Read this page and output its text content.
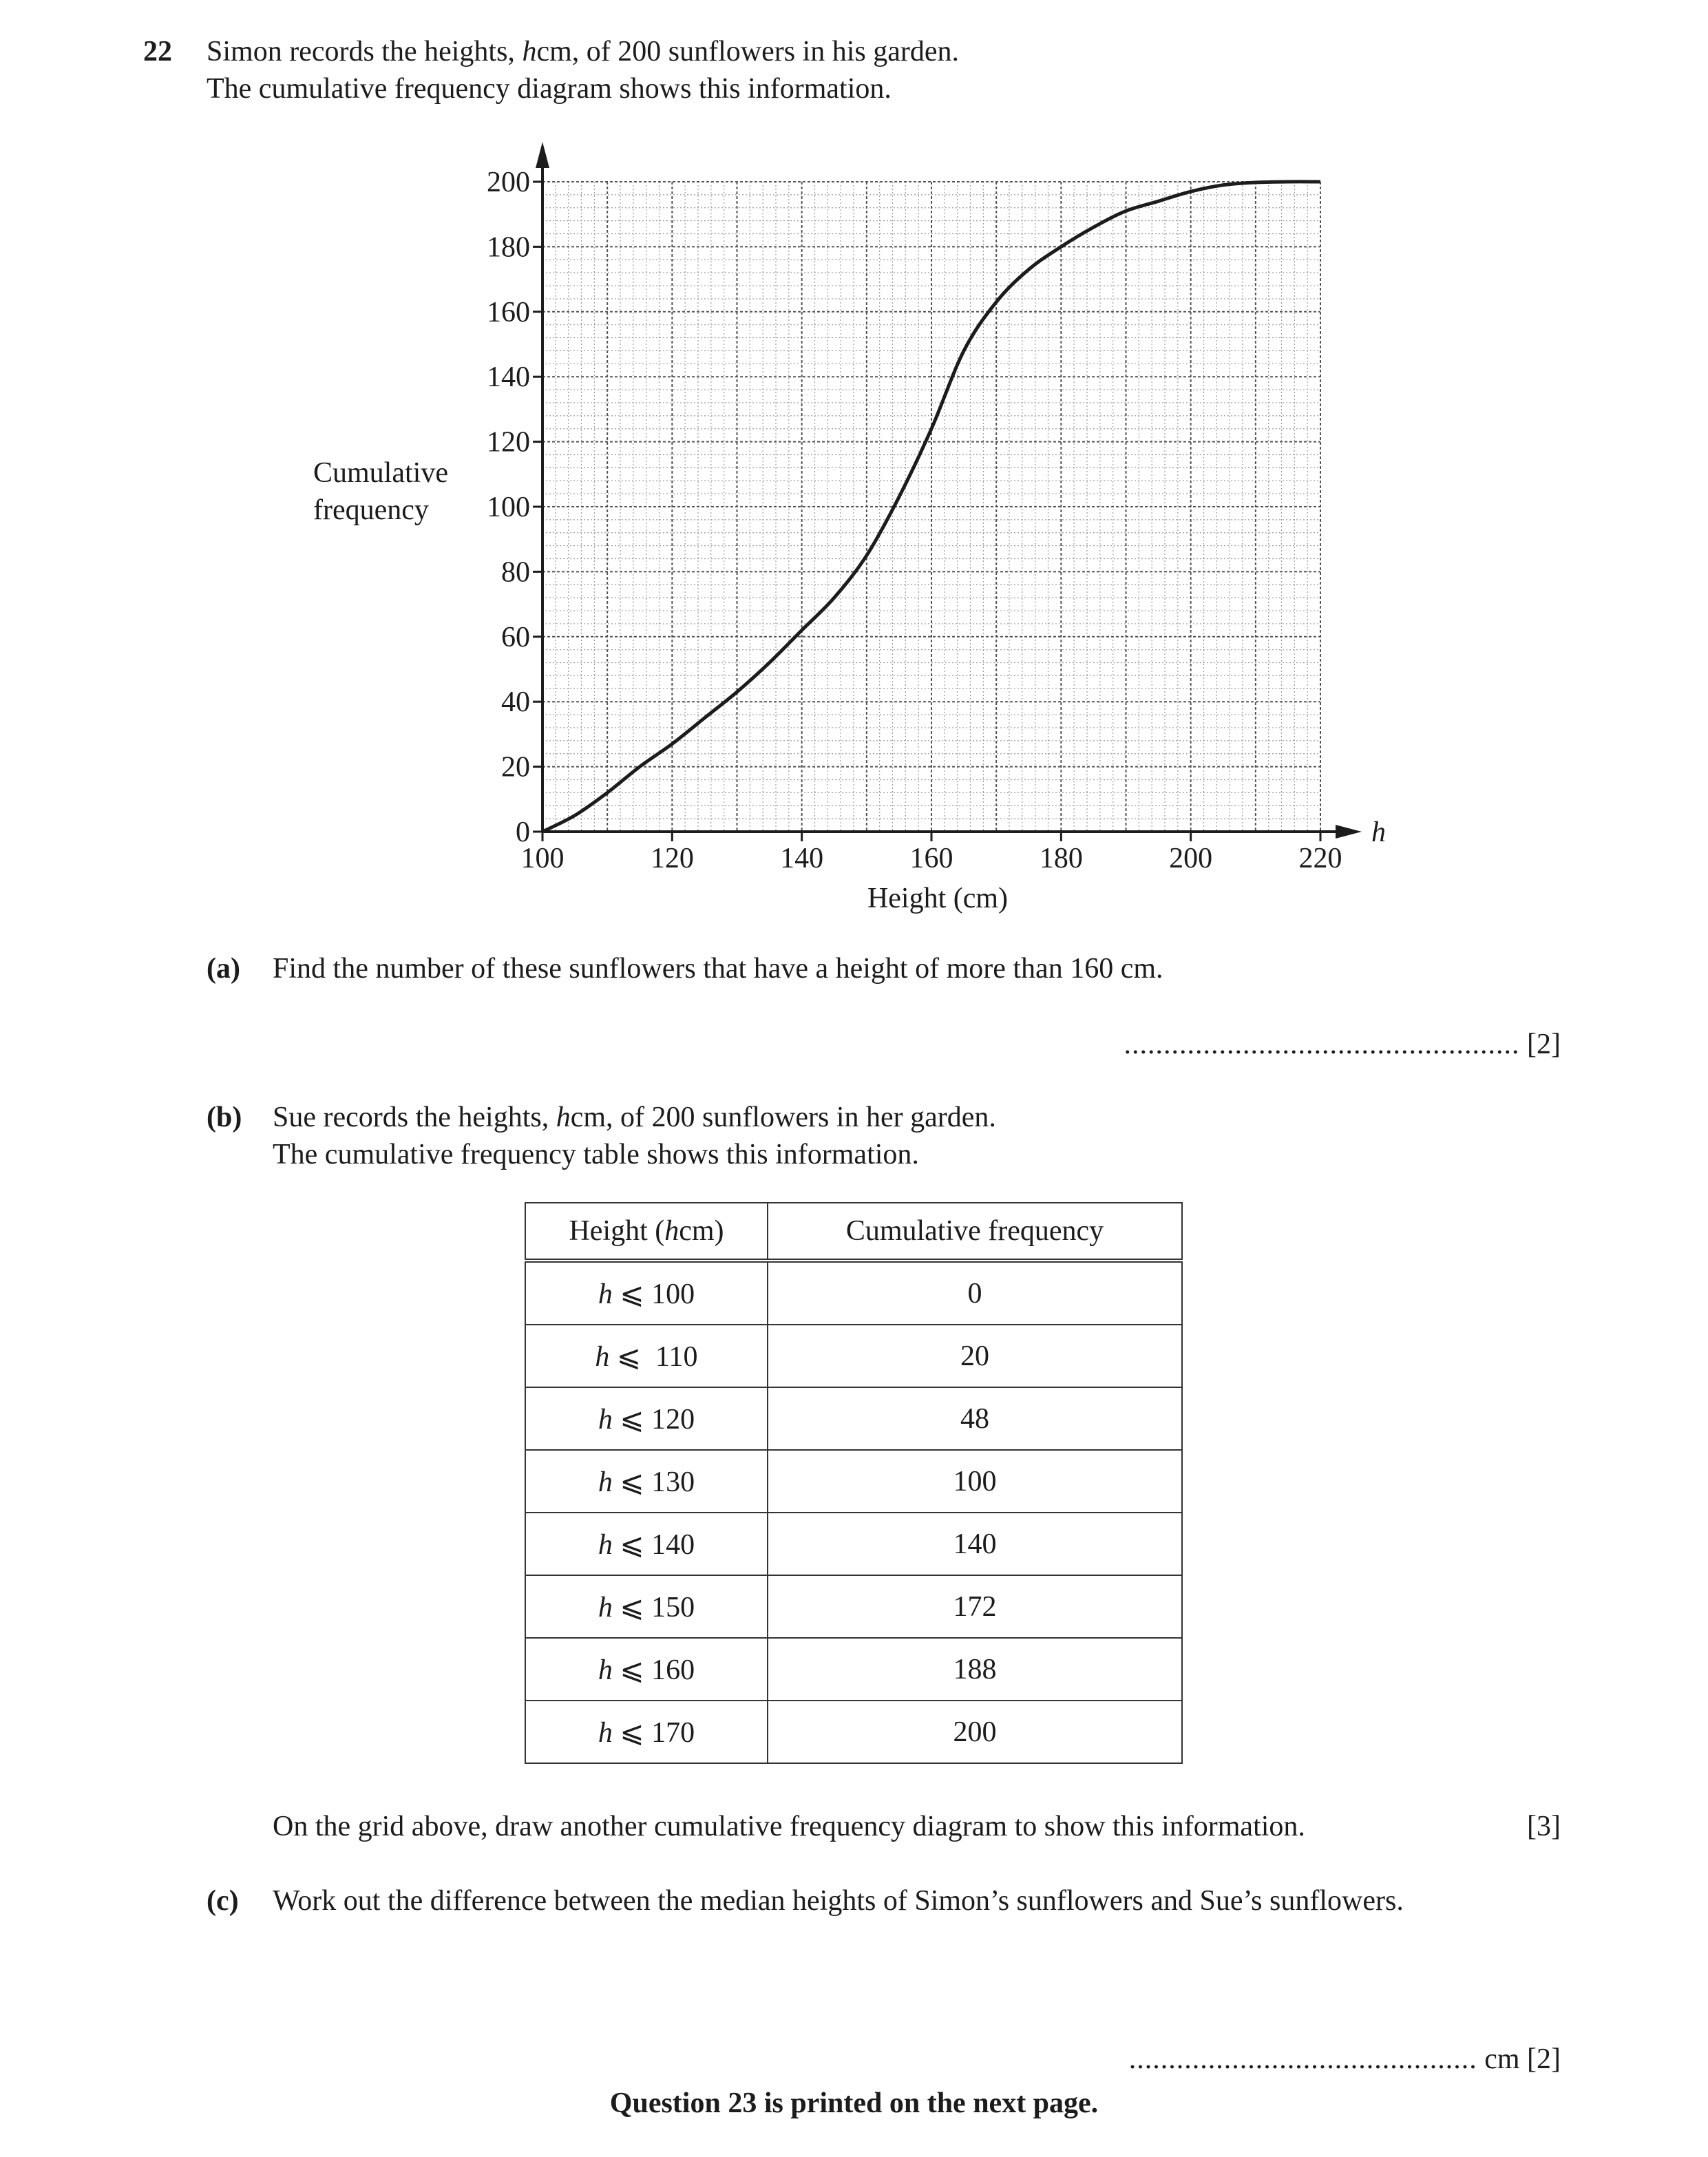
22 Simon records the heights, hcm, of 200 sunflowers in his garden.
The cumulative frequency diagram shows this information.
0
20
40
60
80
100
120
140
160
180
200
100	120	140	160	180	200	220
h
Height (cm)
Cumulative
frequency
(a) Find the number of these sunflowers that have a height of more than 160 cm.
.................................................. [2]
(b) Sue records the heights, hcm, of 200 sunflowers in her garden.
The cumulative frequency table shows this information.
Height (hcm)	Cumulative frequency
h ⩽ 100	0
h ⩽  110	20
h ⩽ 120	48
h ⩽ 130	100
h ⩽ 140	140
h ⩽ 150	172
h ⩽ 160	188
h ⩽ 170	200
On the grid above, draw another cumulative frequency diagram to show this information.	[3]
(c) Work out the difference between the median heights of Simon’s sunflowers and Sue’s sunflowers.
............................................ cm [2]
Question 23 is printed on the next page.
